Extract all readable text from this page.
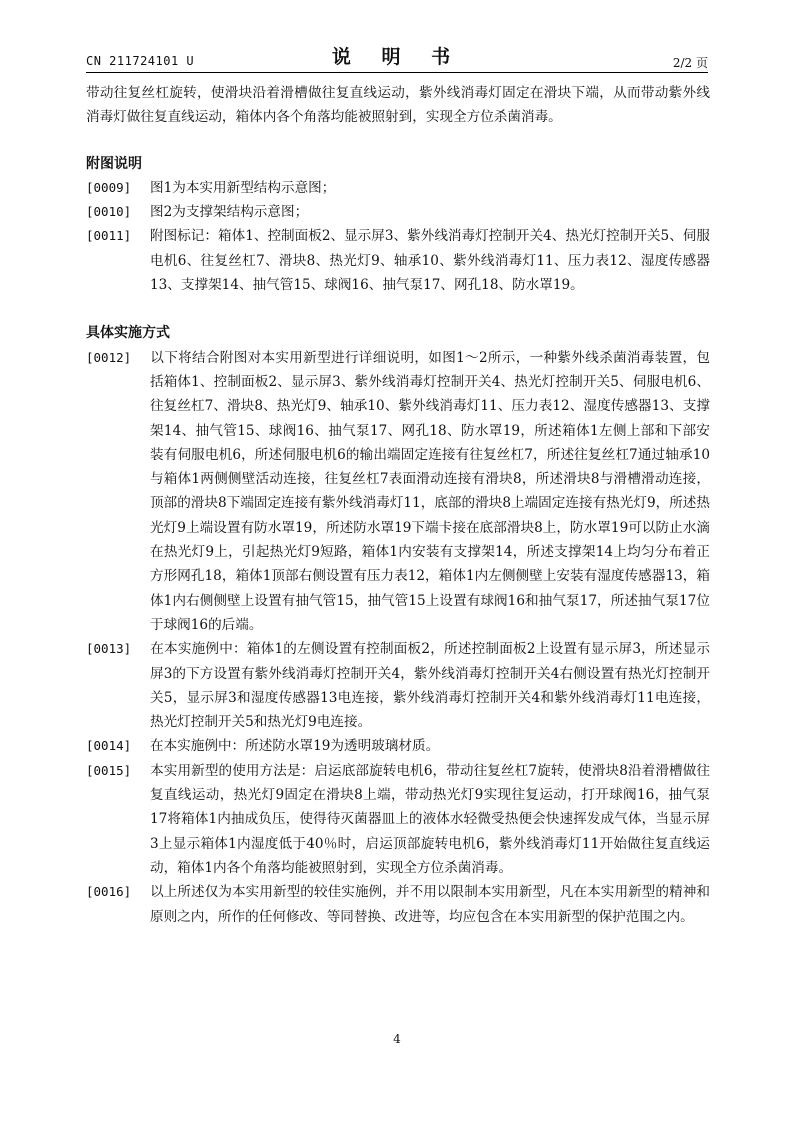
CN 211724101 U	说 明 书	2/2 页

带动往复丝杠旋转，使滑块沿着滑槽做往复直线运动，紫外线消毒灯固定在滑块下端，从而带动紫外线消毒灯做往复直线运动，箱体内各个角落均能被照射到，实现全方位杀菌消毒。

附图说明

[0009] 图1为本实用新型结构示意图；

[0010] 图2为支撑架结构示意图；

[0011] 附图标记：箱体1、控制面板2、显示屏3、紫外线消毒灯控制开关4、热光灯控制开关5、伺服电机6、往复丝杠7、滑块8、热光灯9、轴承10、紫外线消毒灯11、压力表12、湿度传感器13、支撑架14、抽气管15、球阀16、抽气泵17、网孔18、防水罩19。

具体实施方式

[0012] 以下将结合附图对本实用新型进行详细说明，如图1～2所示，一种紫外线杀菌消毒装置，包括箱体1、控制面板2、显示屏3、紫外线消毒灯控制开关4、热光灯控制开关5、伺服电机6、往复丝杠7、滑块8、热光灯9、轴承10、紫外线消毒灯11、压力表12、湿度传感器13、支撑架14、抽气管15、球阀16、抽气泵17、网孔18、防水罩19，所述箱体1左侧上部和下部安装有伺服电机6，所述伺服电机6的输出端固定连接有往复丝杠7，所述往复丝杠7通过轴承10与箱体1两侧侧壁活动连接，往复丝杠7表面滑动连接有滑块8，所述滑块8与滑槽滑动连接，顶部的滑块8下端固定连接有紫外线消毒灯11，底部的滑块8上端固定连接有热光灯9，所述热光灯9上端设置有防水罩19，所述防水罩19下端卡接在底部滑块8上，防水罩19可以防止水滴在热光灯9上，引起热光灯9短路，箱体1内安装有支撑架14，所述支撑架14上均匀分布着正方形网孔18，箱体1顶部右侧设置有压力表12，箱体1内左侧侧壁上安装有湿度传感器13，箱体1内右侧侧壁上设置有抽气管15，抽气管15上设置有球阀16和抽气泵17，所述抽气泵17位于球阀16的后端。

[0013] 在本实施例中：箱体1的左侧设置有控制面板2，所述控制面板2上设置有显示屏3，所述显示屏3的下方设置有紫外线消毒灯控制开关4，紫外线消毒灯控制开关4右侧设置有热光灯控制开关5，显示屏3和湿度传感器13电连接，紫外线消毒灯控制开关4和紫外线消毒灯11电连接，热光灯控制开关5和热光灯9电连接。

[0014] 在本实施例中：所述防水罩19为透明玻璃材质。

[0015] 本实用新型的使用方法是：启运底部旋转电机6，带动往复丝杠7旋转，使滑块8沿着滑槽做往复直线运动，热光灯9固定在滑块8上端，带动热光灯9实现往复运动，打开球阀16，抽气泵17将箱体1内抽成负压，使得待灭菌器皿上的液体水轻微受热便会快速挥发成气体，当显示屏3上显示箱体1内湿度低于40％时，启运顶部旋转电机6，紫外线消毒灯11开始做往复直线运动，箱体1内各个角落均能被照射到，实现全方位杀菌消毒。

[0016] 以上所述仅为本实用新型的较佳实施例，并不用以限制本实用新型，凡在本实用新型的精神和原则之内，所作的任何修改、等同替换、改进等，均应包含在本实用新型的保护范围之内。

4
